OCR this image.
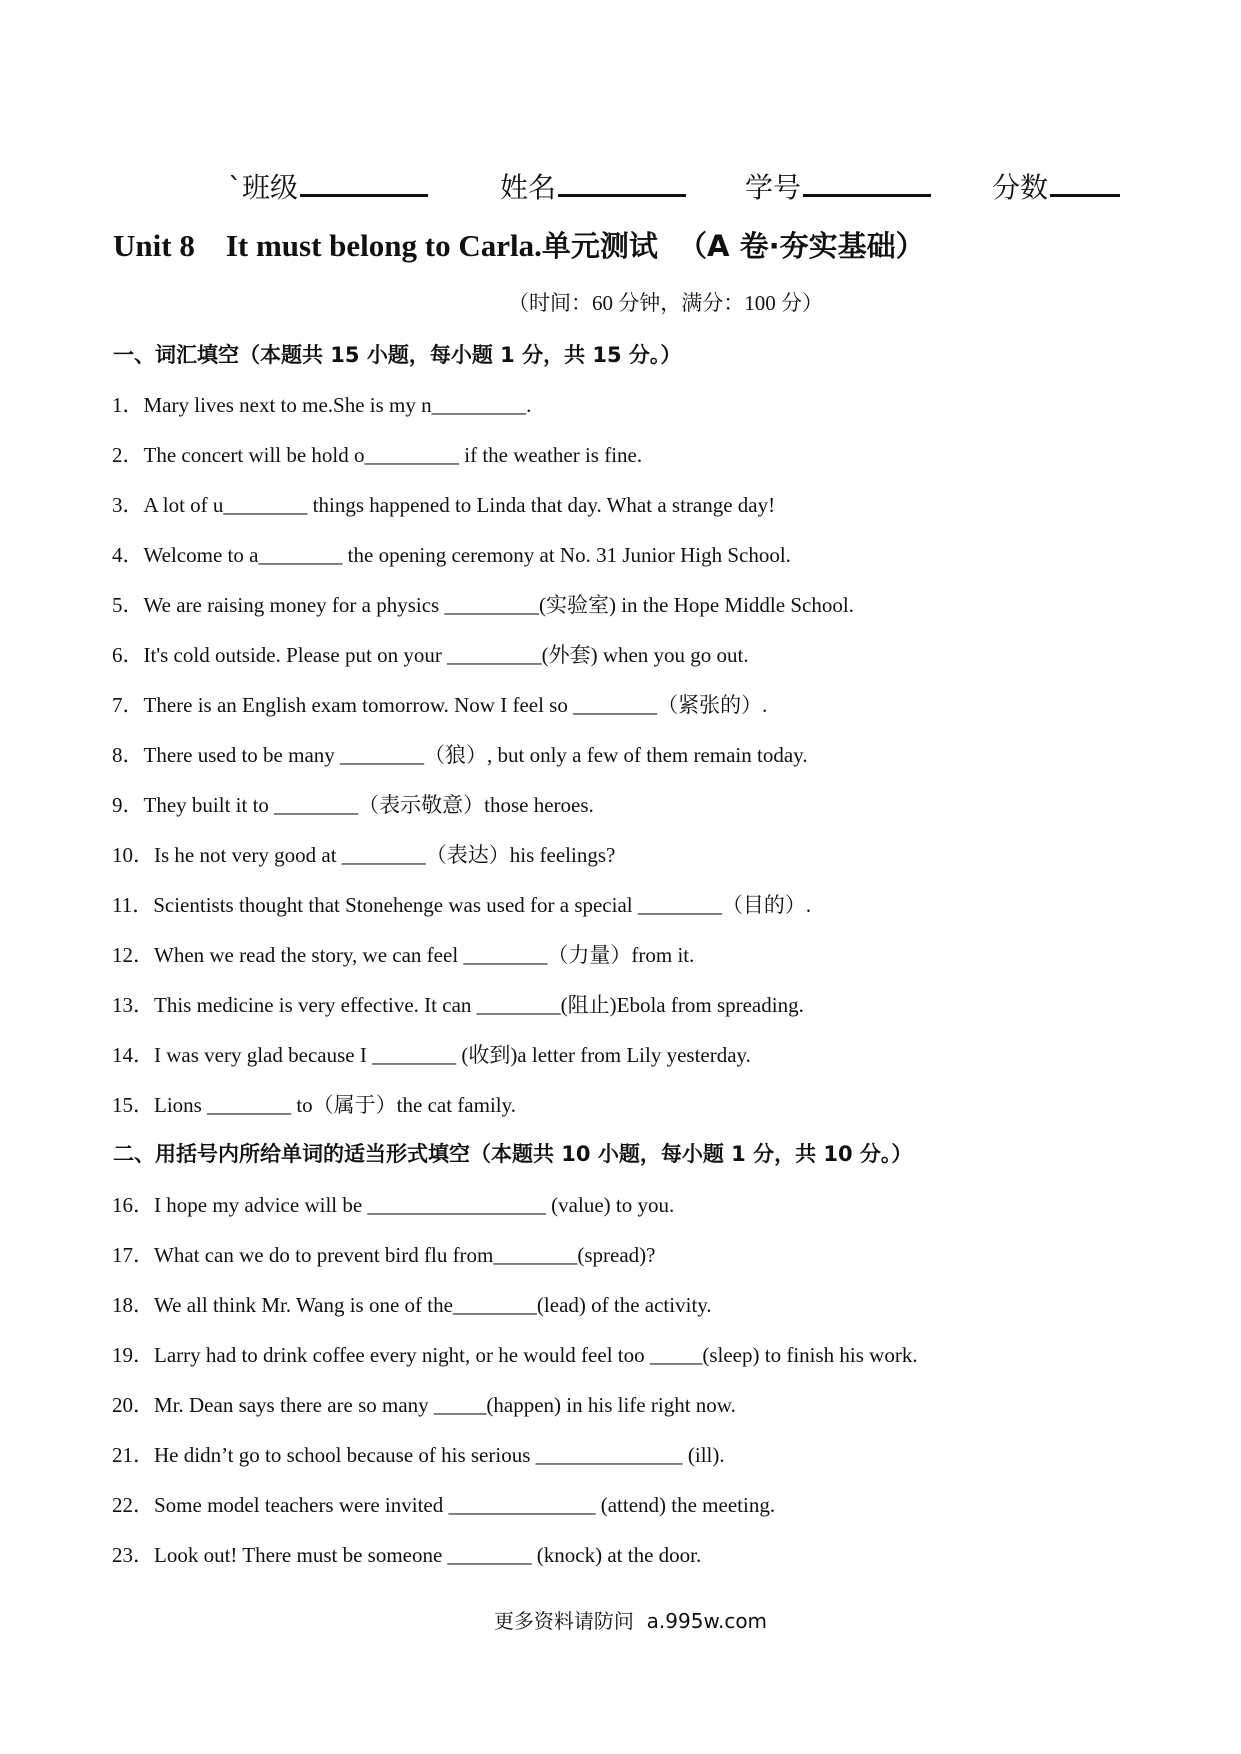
`班级	姓名	学号	分数
Unit 8    It must belong to Carla.单元测试  （A 卷·夯实基础）
（时间：60 分钟，满分：100 分）
一、词汇填空（本题共 15 小题，每小题 1 分，共 15 分。）
1．Mary lives next to me.She is my n_________.
2．The concert will be hold o_________ if the weather is fine.
3．A lot of u________ things happened to Linda that day. What a strange day!
4．Welcome to a________ the opening ceremony at No. 31 Junior High School.
5．We are raising money for a physics _________(实验室) in the Hope Middle School.
6．It's cold outside. Please put on your _________(外套) when you go out.
7．There is an English exam tomorrow. Now I feel so ________（紧张的）.
8．There used to be many ________（狼）, but only a few of them remain today.
9．They built it to ________（表示敬意）those heroes.
10．Is he not very good at ________（表达）his feelings?
11．Scientists thought that Stonehenge was used for a special ________（目的）.
12．When we read the story, we can feel ________（力量）from it.
13．This medicine is very effective. It can ________(阻止)Ebola from spreading.
14．I was very glad because I ________ (收到)a letter from Lily yesterday.
15．Lions ________ to（属于）the cat family.
二、用括号内所给单词的适当形式填空（本题共 10 小题，每小题 1 分，共 10 分。）
16．I hope my advice will be _________________ (value) to you.
17．What can we do to prevent bird flu from________(spread)?
18．We all think Mr. Wang is one of the________(lead) of the activity.
19．Larry had to drink coffee every night, or he would feel too _____(sleep) to finish his work.
20．Mr. Dean says there are so many _____(happen) in his life right now.
21．He didn’t go to school because of his serious ______________ (ill).
22．Some model teachers were invited ______________ (attend) the meeting.
23．Look out! There must be someone ________ (knock) at the door.
更多资料请防问  a.995w.com
